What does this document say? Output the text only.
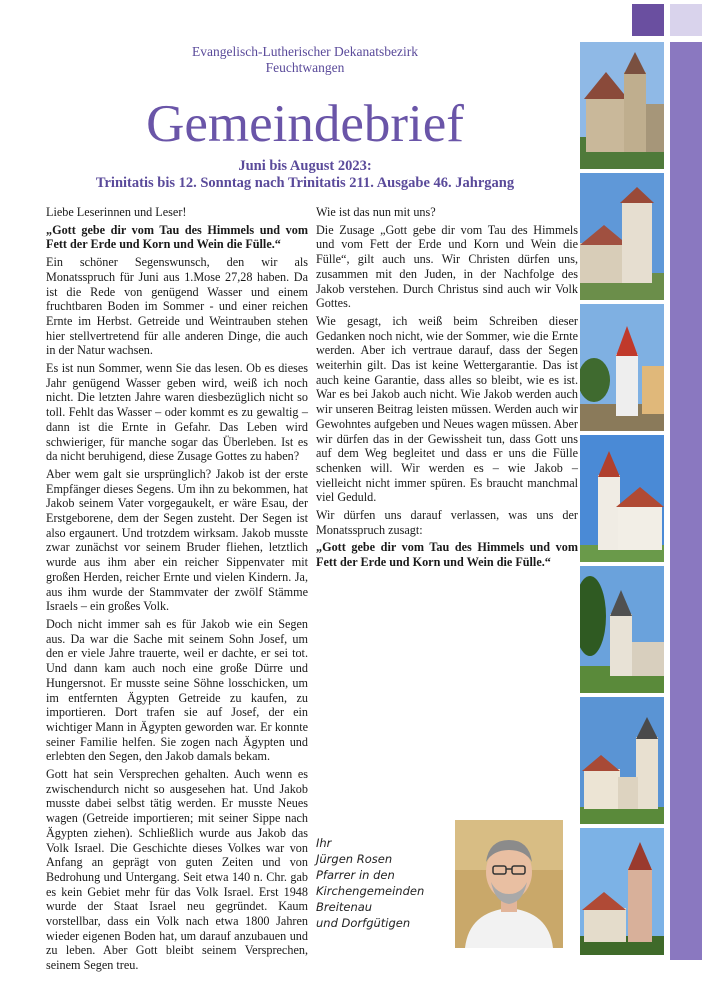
Evangelisch-Lutherischer Dekanatsbezirk
Feuchtwangen
Gemeindebrief
Juni bis August 2023:
Trinitatis bis 12. Sonntag nach Trinitatis 211. Ausgabe 46. Jahrgang

Liebe Leserinnen und Leser!

„Gott gebe dir vom Tau des Himmels und vom Fett der Erde und Korn und Wein die Fülle.“

Ein schöner Segenswunsch, den wir als Monatsspruch für Juni aus 1.Mose 27,28 haben. Da ist die Rede von genügend Wasser und einem fruchtbaren Boden im Sommer - und einer reichen Ernte im Herbst. Getreide und Weintrauben stehen hier stellvertretend für alle anderen Dinge, die auch in der Natur wachsen.

Es ist nun Sommer, wenn Sie das lesen. Ob es dieses Jahr genügend Wasser geben wird, weiß ich noch nicht. Die letzten Jahre waren diesbezüglich nicht so toll. Fehlt das Wasser – oder kommt es zu gewaltig – dann ist die Ernte in Gefahr. Das Leben wird schwieriger, für manche sogar das Überleben. Ist es da nicht beruhigend, diese Zusage Gottes zu haben?

Aber wem galt sie ursprünglich? Jakob ist der erste Empfänger dieses Segens. Um ihn zu bekommen, hat Jakob seinem Vater vorgegaukelt, er wäre Esau, der Erstgeborene, dem der Segen zusteht. Der Segen ist also ergaunert. Und trotzdem wirksam. Jakob musste zwar zunächst vor seinem Bruder fliehen, letztlich wurde aus ihm aber ein reicher Sippenvater mit großen Herden, reicher Ernte und vielen Kindern. Ja, aus ihm wurde der Stammvater der zwölf Stämme Israels – ein großes Volk.

Doch nicht immer sah es für Jakob wie ein Segen aus. Da war die Sache mit seinem Sohn Josef, um den er viele Jahre trauerte, weil er dachte, er sei tot. Und dann kam auch noch eine große Dürre und Hungersnot. Er musste seine Söhne losschicken, um im entfernten Ägypten Getreide zu kaufen, zu importieren. Dort trafen sie auf Josef, der ein wichtiger Mann in Ägypten geworden war. Er konnte seiner Familie helfen. Sie zogen nach Ägypten und erlebten den Segen, den Jakob damals bekam.

Gott hat sein Versprechen gehalten. Auch wenn es zwischendurch nicht so ausgesehen hat. Und Jakob musste dabei selbst tätig werden. Er musste Neues wagen (Getreide importieren; mit seiner Sippe nach Ägypten ziehen). Schließlich wurde aus Jakob das Volk Israel. Die Geschichte dieses Volkes war von Anfang an geprägt von guten Zeiten und von Bedrohung und Untergang. Seit etwa 140 n. Chr. gab es kein Gebiet mehr für das Volk Israel. Erst 1948 wurde der Staat Israel neu gegründet. Kaum vorstellbar, dass ein Volk nach etwa 1800 Jahren wieder eigenen Boden hat, um darauf anzubauen und zu leben. Aber Gott bleibt seinem Versprechen, seinem Segen treu.

Wie ist das nun mit uns?

Die Zusage „Gott gebe dir vom Tau des Himmels und vom Fett der Erde und Korn und Wein die Fülle“, gilt auch uns. Wir Christen dürfen uns, zusammen mit den Juden, in der Nachfolge des Jakob verstehen. Durch Christus sind auch wir Volk Gottes.

Wie gesagt, ich weiß beim Schreiben dieser Gedanken noch nicht, wie der Sommer, wie die Ernte werden. Aber ich vertraue darauf, dass der Segen weiterhin gilt. Das ist keine Wettergarantie. Das ist auch keine Garantie, dass alles so bleibt, wie es ist. War es bei Jakob auch nicht. Wie Jakob werden auch wir unseren Beitrag leisten müssen. Werden auch wir Gewohntes aufgeben und Neues wagen müssen. Aber wir dürfen das in der Gewissheit tun, dass Gott uns auf dem Weg begleitet und dass er uns die Fülle schenken will. Wir werden es – wie Jakob – vielleicht nicht immer spüren. Es braucht manchmal viel Geduld.

Wir dürfen uns darauf verlassen, was uns der Monatsspruch zusagt:

„Gott gebe dir vom Tau des Himmels und vom Fett der Erde und Korn und Wein die Fülle.“

Ihr
Jürgen Rosen
Pfarrer in den
Kirchengemeinden
Breitenau
und Dorfgütigen
